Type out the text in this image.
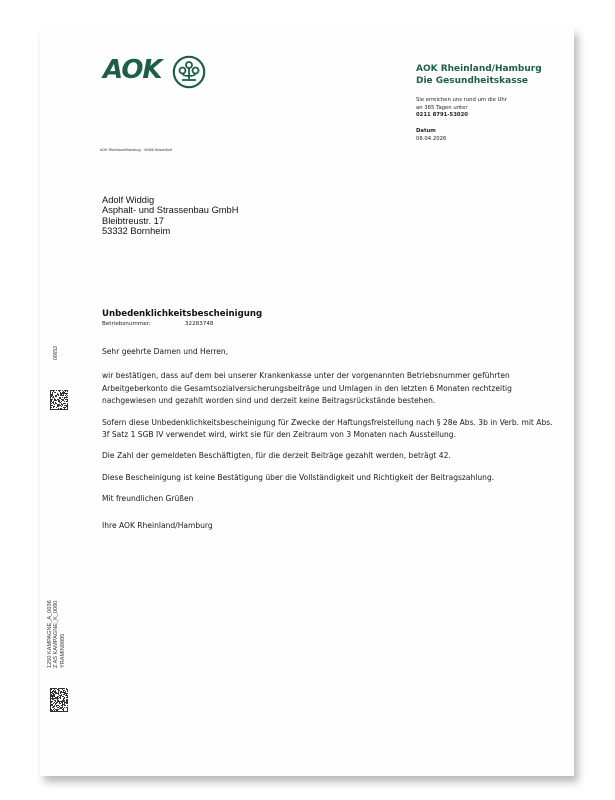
AOK	AOK Rheinland/Hamburg
Die Gesundheitskasse
Sie erreichen uns rund um die Uhr
an 365 Tagen unter
0211 8791-53020
Datum
08.04.2026
AOK Rheinland/Hamburg · 40466 Düsseldorf
Adolf Widdig
Asphalt- und Strassenbau GmbH
Bleibtreustr. 17
53332 Bornheim
Unbedenklichkeitsbescheinigung
Betriebsnummer:	32283748

Sehr geehrte Damen und Herren,

wir bestätigen, dass auf dem bei unserer Krankenkasse unter der vorgenannten Betriebsnummer geführten Arbeitgeberkonto die Gesamtsozialversicherungsbeiträge und Umlagen in den letzten 6 Monaten rechtzeitig nachgewiesen und gezahlt worden sind und derzeit keine Beitragsrückstände bestehen.

Sofern diese Unbedenklichkeitsbescheinigung für Zwecke der Haftungsfreistellung nach § 28e Abs. 3b in Verb. mit Abs. 3f Satz 1 SGB IV verwendet wird, wirkt sie für den Zeitraum von 3 Monaten nach Ausstellung.

Die Zahl der gemeldeten Beschäftigten, für die derzeit Beiträge gezahlt werden, beträgt 42.

Diese Bescheinigung ist keine Bestätigung über die Vollständigkeit und Richtigkeit der Beitragszahlung.

Mit freundlichen Grüßen

Ihre AOK Rheinland/Hamburg

00653
1250 KAMPAGNE_A_0036 Z AS KAMPAGNE_K_0080 YRAMIN9995
